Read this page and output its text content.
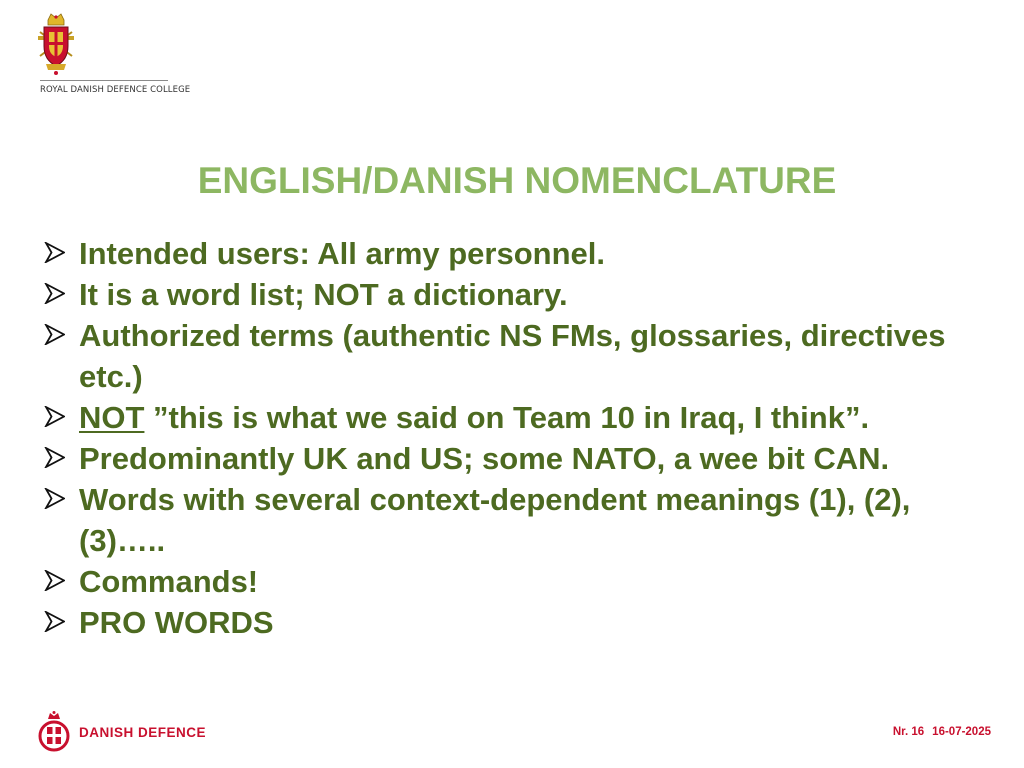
ROYAL DANISH DEFENCE COLLEGE
ENGLISH/DANISH NOMENCLATURE
Intended users: All army personnel.
It is a word list; NOT a dictionary.
Authorized terms (authentic NS FMs, glossaries, directives etc.)
NOT ”this is what we said on Team 10 in Iraq, I think”.
Predominantly UK and US; some NATO, a wee bit CAN.
Words with several context-dependent meanings (1), (2), (3)…..
Commands!
PRO WORDS
DANISH DEFENCE	Nr. 16 16-07-2025
